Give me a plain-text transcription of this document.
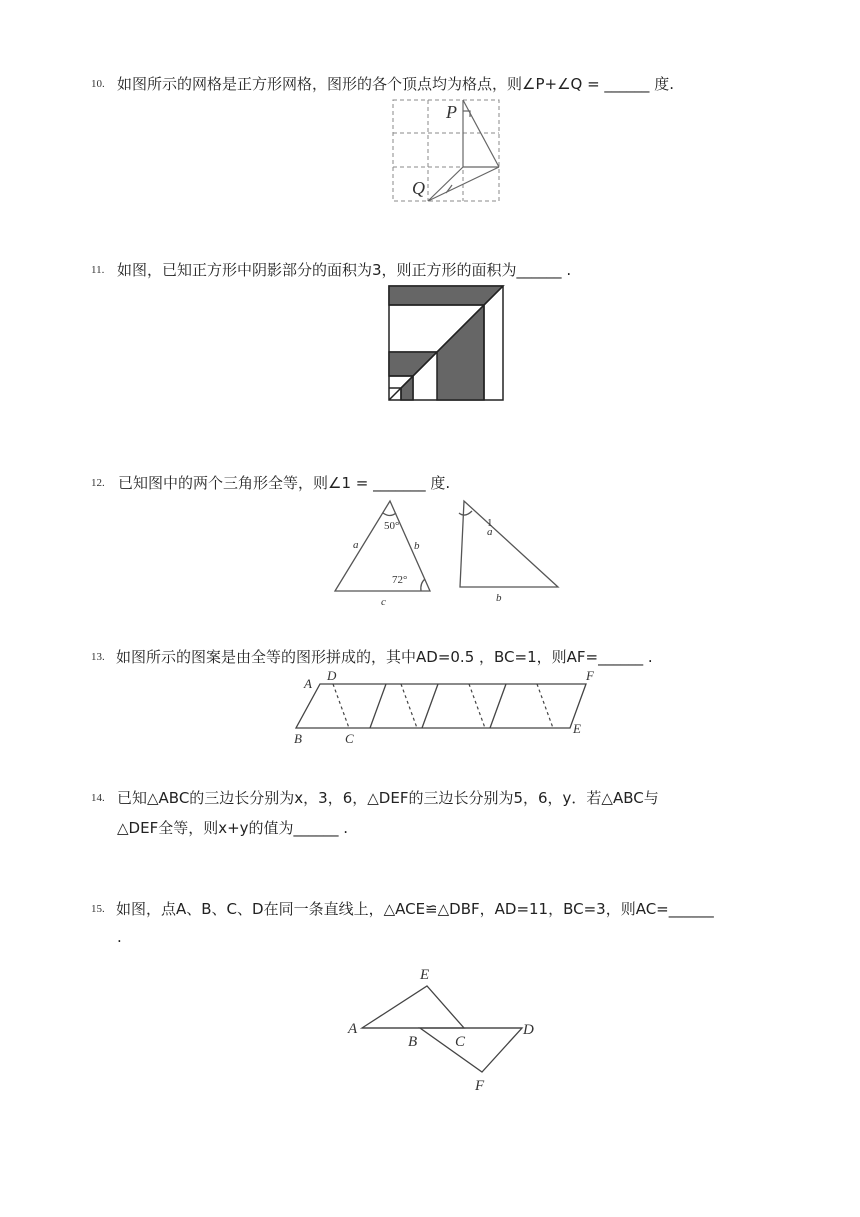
10. 如图所示的网格是正方形网格，图形的各个顶点均为格点，则∠P+∠Q = ______ 度.
P
Q
11. 如图，已知正方形中阴影部分的面积为3，则正方形的面积为______ .
12. 已知图中的两个三角形全等，则∠1 = _______ 度.
50°
72°
a	b
c
a
b
1
13. 如图所示的图案是由全等的图形拼成的，其中AD=0.5 ，BC=1，则AF=______ .
A
D	F
B	C
E
14. 已知△ABC的三边长分别为x，3，6，△DEF的三边长分别为5，6，y．若△ABC与
△DEF全等，则x+y的值为______ .
15. 如图，点A、B、C、D在同一条直线上，△ACE≌△DBF，AD=11，BC=3，则AC=______
.
A
B	C
D
E
F
